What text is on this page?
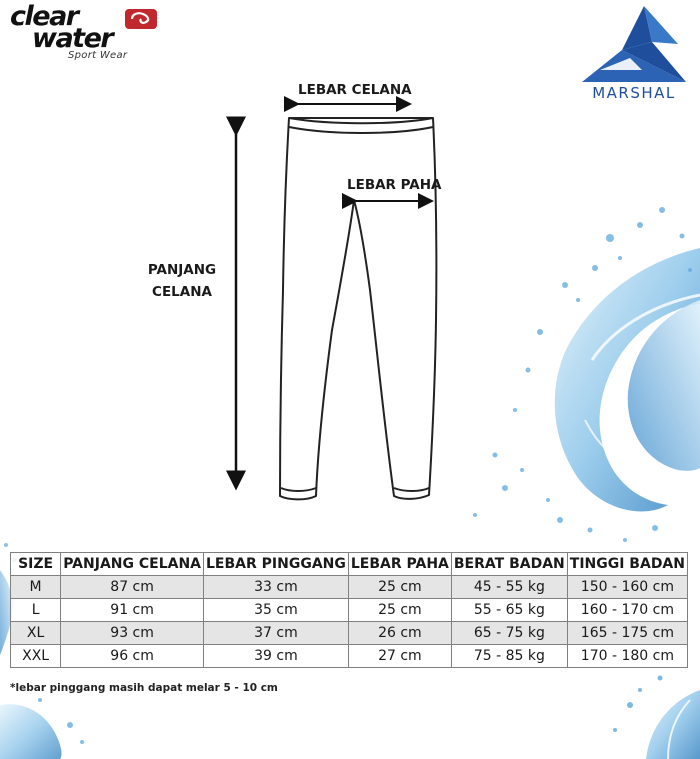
clear
water
Sport Wear
MARSHAL
LEBAR CELANA
LEBAR PAHA
PANJANG
CELANA
SIZE	PANJANG CELANA	LEBAR PINGGANG	LEBAR PAHA	BERAT BADAN	TINGGI BADAN
M	87 cm	33 cm	25 cm	45 - 55 kg	150 - 160 cm
L	91 cm	35 cm	25 cm	55 - 65 kg	160 - 170 cm
XL	93 cm	37 cm	26 cm	65 - 75 kg	165 - 175 cm
XXL	96 cm	39 cm	27 cm	75 - 85 kg	170 - 180 cm
*lebar pinggang masih dapat melar 5 - 10 cm
